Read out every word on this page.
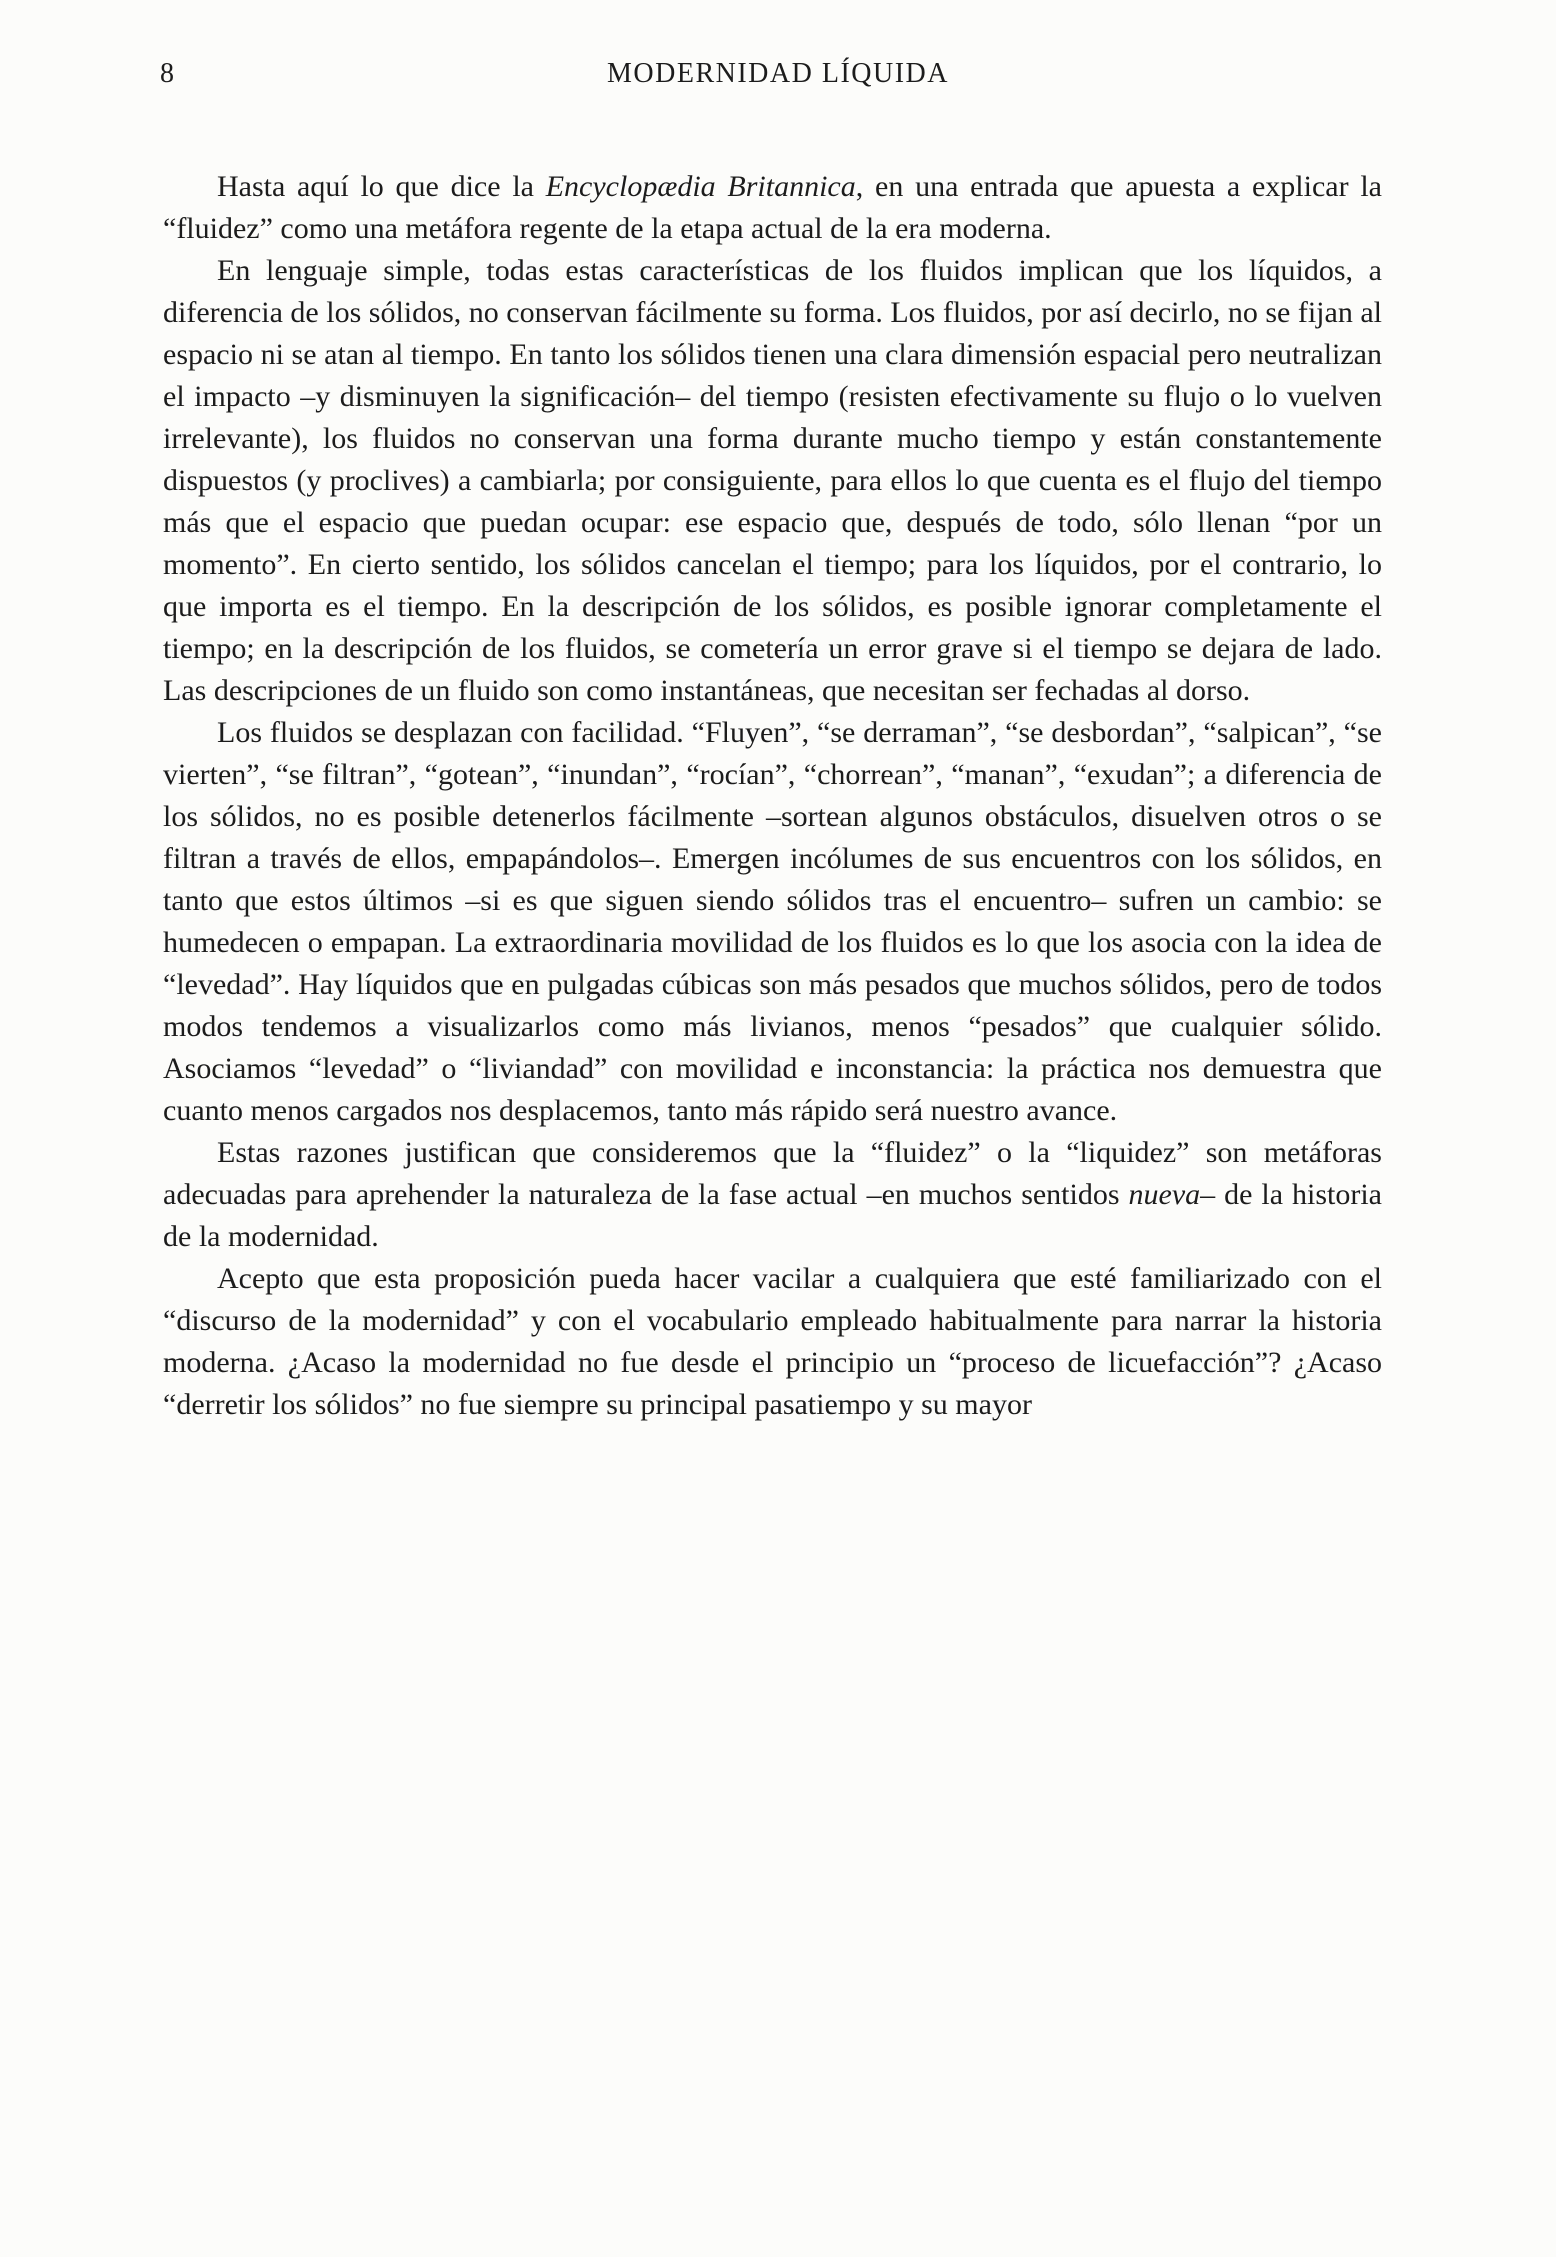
8	MODERNIDAD LÍQUIDA

Hasta aquí lo que dice la Encyclopædia Britannica, en una entrada que apuesta a explicar la “fluidez” como una metáfora regente de la etapa actual de la era moderna.

En lenguaje simple, todas estas características de los fluidos implican que los líquidos, a diferencia de los sólidos, no conservan fácilmente su forma. Los fluidos, por así decirlo, no se fijan al espacio ni se atan al tiempo. En tanto los sólidos tienen una clara dimensión espacial pero neutralizan el impacto –y disminuyen la significación– del tiempo (resisten efectivamente su flujo o lo vuelven irrelevante), los fluidos no conservan una forma durante mucho tiempo y están constantemente dispuestos (y proclives) a cambiarla; por consiguiente, para ellos lo que cuenta es el flujo del tiempo más que el espacio que puedan ocupar: ese espacio que, después de todo, sólo llenan “por un momento”. En cierto sentido, los sólidos cancelan el tiempo; para los líquidos, por el contrario, lo que importa es el tiempo. En la descripción de los sólidos, es posible ignorar completamente el tiempo; en la descripción de los fluidos, se cometería un error grave si el tiempo se dejara de lado. Las descripciones de un fluido son como instantáneas, que necesitan ser fechadas al dorso.

Los fluidos se desplazan con facilidad. “Fluyen”, “se derraman”, “se desbordan”, “salpican”, “se vierten”, “se filtran”, “gotean”, “inundan”, “rocían”, “chorrean”, “manan”, “exudan”; a diferencia de los sólidos, no es posible detenerlos fácilmente –sortean algunos obstáculos, disuelven otros o se filtran a través de ellos, empapándolos–. Emergen incólumes de sus encuentros con los sólidos, en tanto que estos últimos –si es que siguen siendo sólidos tras el encuentro– sufren un cambio: se humedecen o empapan. La extraordinaria movilidad de los fluidos es lo que los asocia con la idea de “levedad”. Hay líquidos que en pulgadas cúbicas son más pesados que muchos sólidos, pero de todos modos tendemos a visualizarlos como más livianos, menos “pesados” que cualquier sólido. Asociamos “levedad” o “liviandad” con movilidad e inconstancia: la práctica nos demuestra que cuanto menos cargados nos desplacemos, tanto más rápido será nuestro avance.

Estas razones justifican que consideremos que la “fluidez” o la “liquidez” son metáforas adecuadas para aprehender la naturaleza de la fase actual –en muchos sentidos nueva– de la historia de la modernidad.

Acepto que esta proposición pueda hacer vacilar a cualquiera que esté familiarizado con el “discurso de la modernidad” y con el vocabulario empleado habitualmente para narrar la historia moderna. ¿Acaso la modernidad no fue desde el principio un “proceso de licuefacción”? ¿Acaso “derretir los sólidos” no fue siempre su principal pasatiempo y su mayor
